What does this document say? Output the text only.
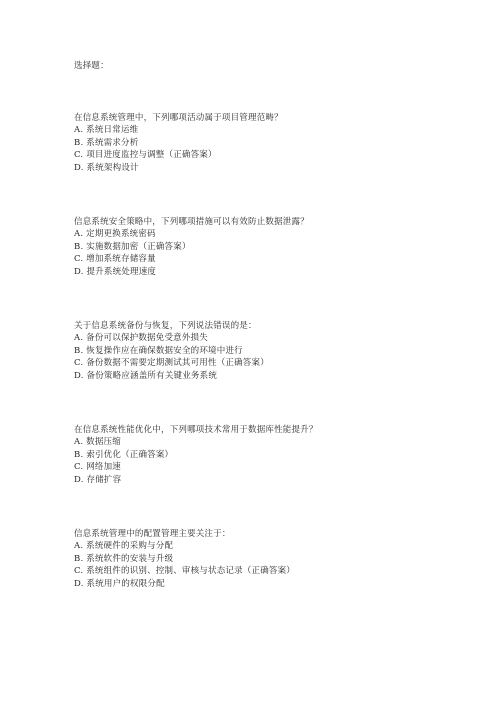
选择题：
在信息系统管理中，下列哪项活动属于项目管理范畴？
A. 系统日常运维
B. 系统需求分析
C. 项目进度监控与调整（正确答案）
D. 系统架构设计
信息系统安全策略中，下列哪项措施可以有效防止数据泄露？
A. 定期更换系统密码
B. 实施数据加密（正确答案）
C. 增加系统存储容量
D. 提升系统处理速度
关于信息系统备份与恢复，下列说法错误的是：
A. 备份可以保护数据免受意外损失
B. 恢复操作应在确保数据安全的环境中进行
C. 备份数据不需要定期测试其可用性（正确答案）
D. 备份策略应涵盖所有关键业务系统
在信息系统性能优化中，下列哪项技术常用于数据库性能提升？
A. 数据压缩
B. 索引优化（正确答案）
C. 网络加速
D. 存储扩容
信息系统管理中的配置管理主要关注于：
A. 系统硬件的采购与分配
B. 系统软件的安装与升级
C. 系统组件的识别、控制、审核与状态记录（正确答案）
D. 系统用户的权限分配
